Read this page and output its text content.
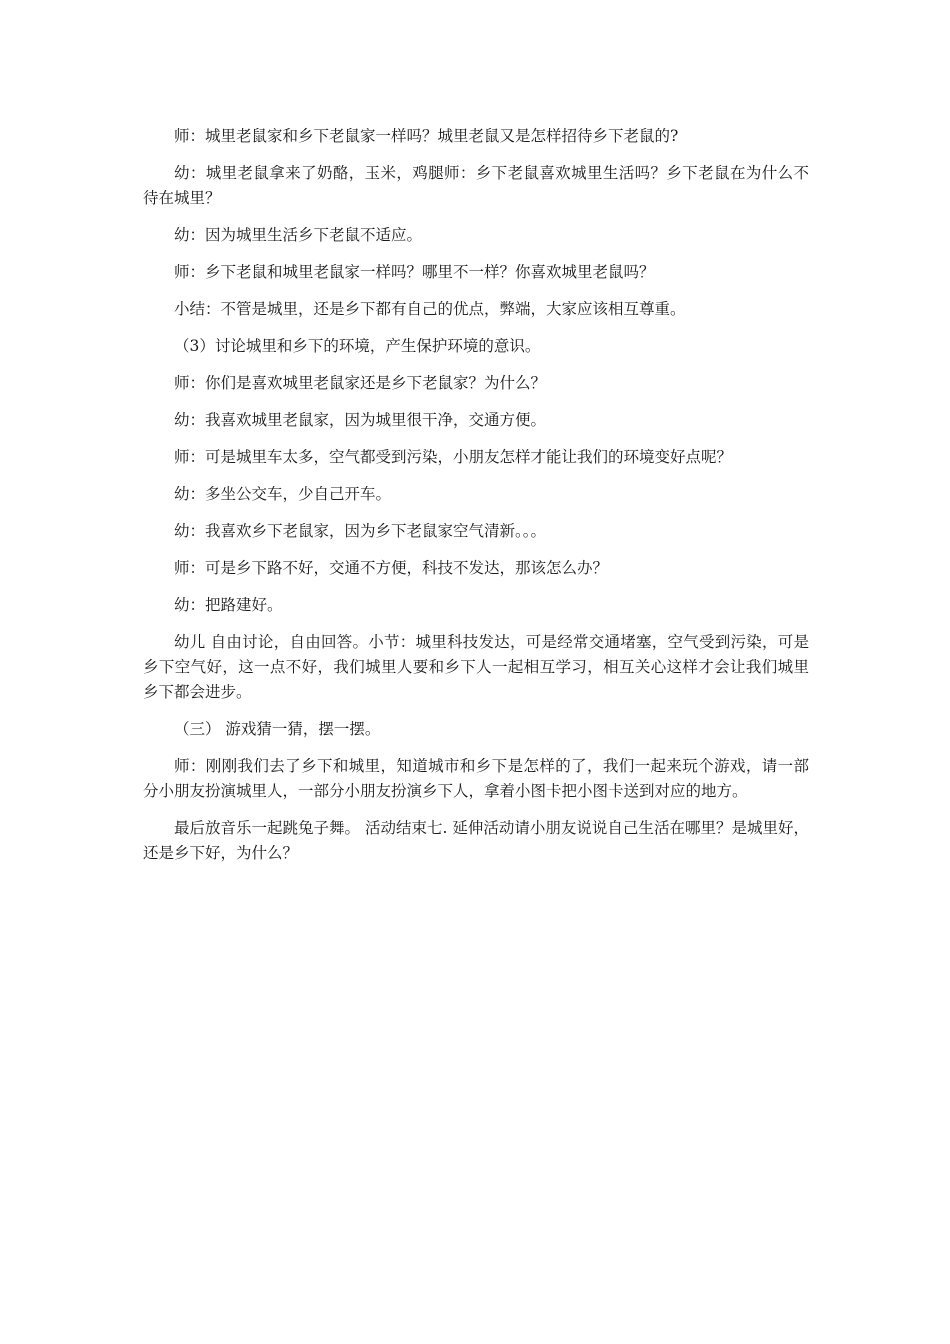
师：城里老鼠家和乡下老鼠家一样吗？城里老鼠又是怎样招待乡下老鼠的?

幼：城里老鼠拿来了奶酪，玉米，鸡腿师：乡下老鼠喜欢城里生活吗？乡下老鼠在为什么不待在城里？

幼：因为城里生活乡下老鼠不适应。

师：乡下老鼠和城里老鼠家一样吗？哪里不一样？你喜欢城里老鼠吗？

小结：不管是城里，还是乡下都有自己的优点，弊端，大家应该相互尊重。

（3）讨论城里和乡下的环境，产生保护环境的意识。

师：你们是喜欢城里老鼠家还是乡下老鼠家？为什么？

幼：我喜欢城里老鼠家，因为城里很干净，交通方便。

师：可是城里车太多，空气都受到污染，小朋友怎样才能让我们的环境变好点呢？

幼：多坐公交车，少自己开车。

幼：我喜欢乡下老鼠家，因为乡下老鼠家空气清新。。。

师：可是乡下路不好，交通不方便，科技不发达，那该怎么办？

幼：把路建好。

幼儿 自由讨论，自由回答。小节：城里科技发达，可是经常交通堵塞，空气受到污染，可是乡下空气好，这一点不好，我们城里人要和乡下人一起相互学习，相互关心这样才会让我们城里乡下都会进步。

（三） 游戏猜一猜，摆一摆。

师：刚刚我们去了乡下和城里，知道城市和乡下是怎样的了，我们一起来玩个游戏，请一部分小朋友扮演城里人，一部分小朋友扮演乡下人，拿着小图卡把小图卡送到对应的地方。

最后放音乐一起跳兔子舞。 活动结束七. 延伸活动请小朋友说说自己生活在哪里？是城里好，还是乡下好，为什么？
